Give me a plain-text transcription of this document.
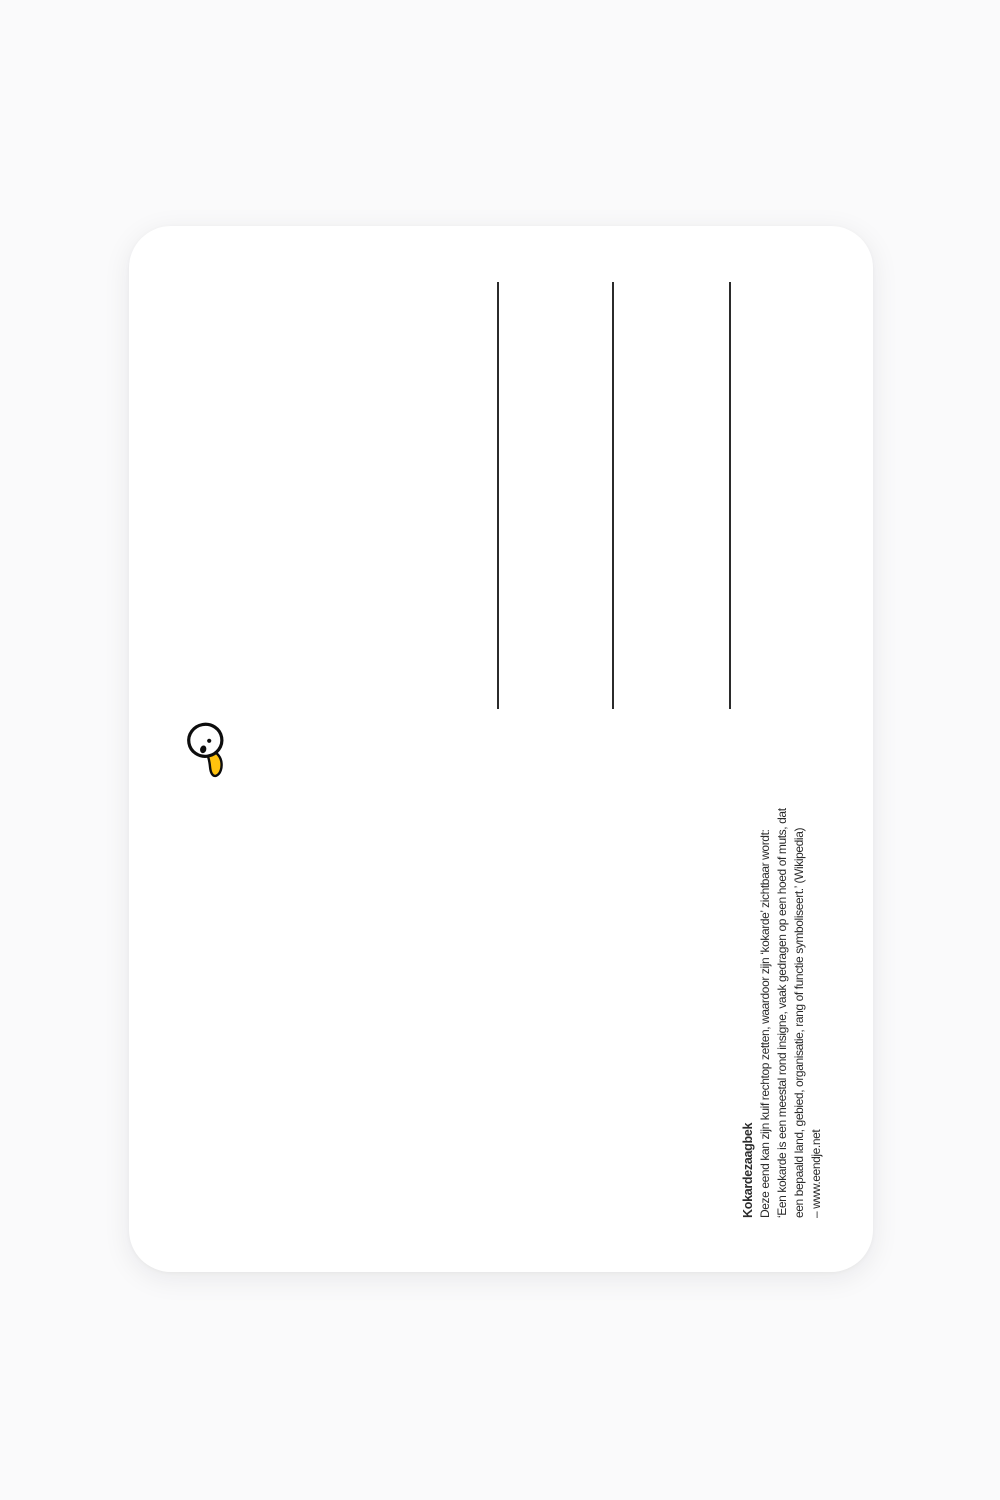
Kokardezaagbek Deze eend kan zijn kuif rechtop zetten, waardoor zijn ‘kokarde’ zichtbaar wordt: ‘Een kokarde is een meestal rond insigne, vaak gedragen op een hoed of muts, dat een bepaald land, gebied, organisatie, rang of functie symboliseert.’ (Wikipedia) – www.eendje.net
